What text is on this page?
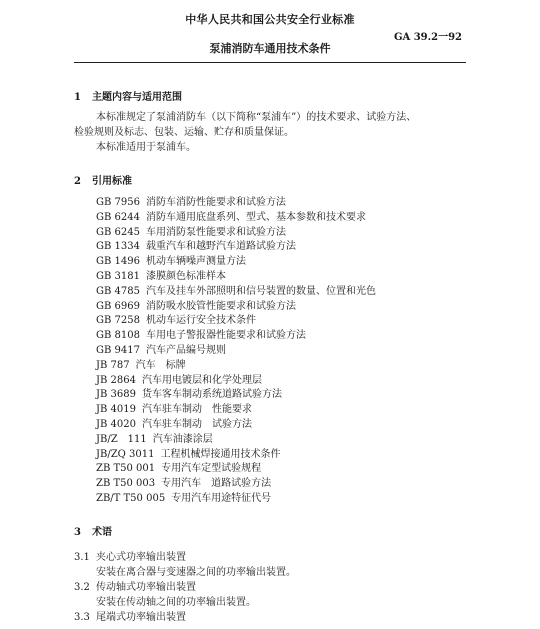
中华人民共和国公共安全行业标准
GA 39.2一92
泵浦消防车通用技术条件
1 主题内容与适用范围
本标准规定了泵浦消防车（以下简称“泵浦车”）的技术要求、试验方法、
检验规则及标志、包装、运输、贮存和质量保证。
本标准适用于泵浦车。
2 引用标准
GB 7956 消防车消防性能要求和试验方法
GB 6244 消防车通用底盘系列、型式、基本参数和技术要求
GB 6245 车用消防泵性能要求和试验方法
GB 1334 载重汽车和越野汽车道路试验方法
GB 1496 机动车辆噪声测量方法
GB 3181 漆膜颜色标准样本
GB 4785 汽车及挂车外部照明和信号装置的数量、位置和光色
GB 6969 消防吸水胶管性能要求和试验方法
GB 7258 机动车运行安全技术条件
GB 8108 车用电子警报器性能要求和试验方法
GB 9417 汽车产品编号规则
JB 787 汽车　标牌
JB 2864 汽车用电镀层和化学处理层
JB 3689 货车客车制动系统道路试验方法
JB 4019 汽车驻车制动　性能要求
JB 4020 汽车驻车制动　试验方法
JB/Z　111 汽车油漆涂层
JB/ZQ 3011 工程机械焊接通用技术条件
ZB T50 001 专用汽车定型试验规程
ZB T50 003 专用汽车　道路试验方法
ZB/T T50 005 专用汽车用途特征代号
3 术语
3.1 夹心式功率输出装置
安装在离合器与变速器之间的功率输出装置。
3.2 传动轴式功率输出装置
安装在传动轴之间的功率输出装置。
3.3 尾端式功率输出装置
